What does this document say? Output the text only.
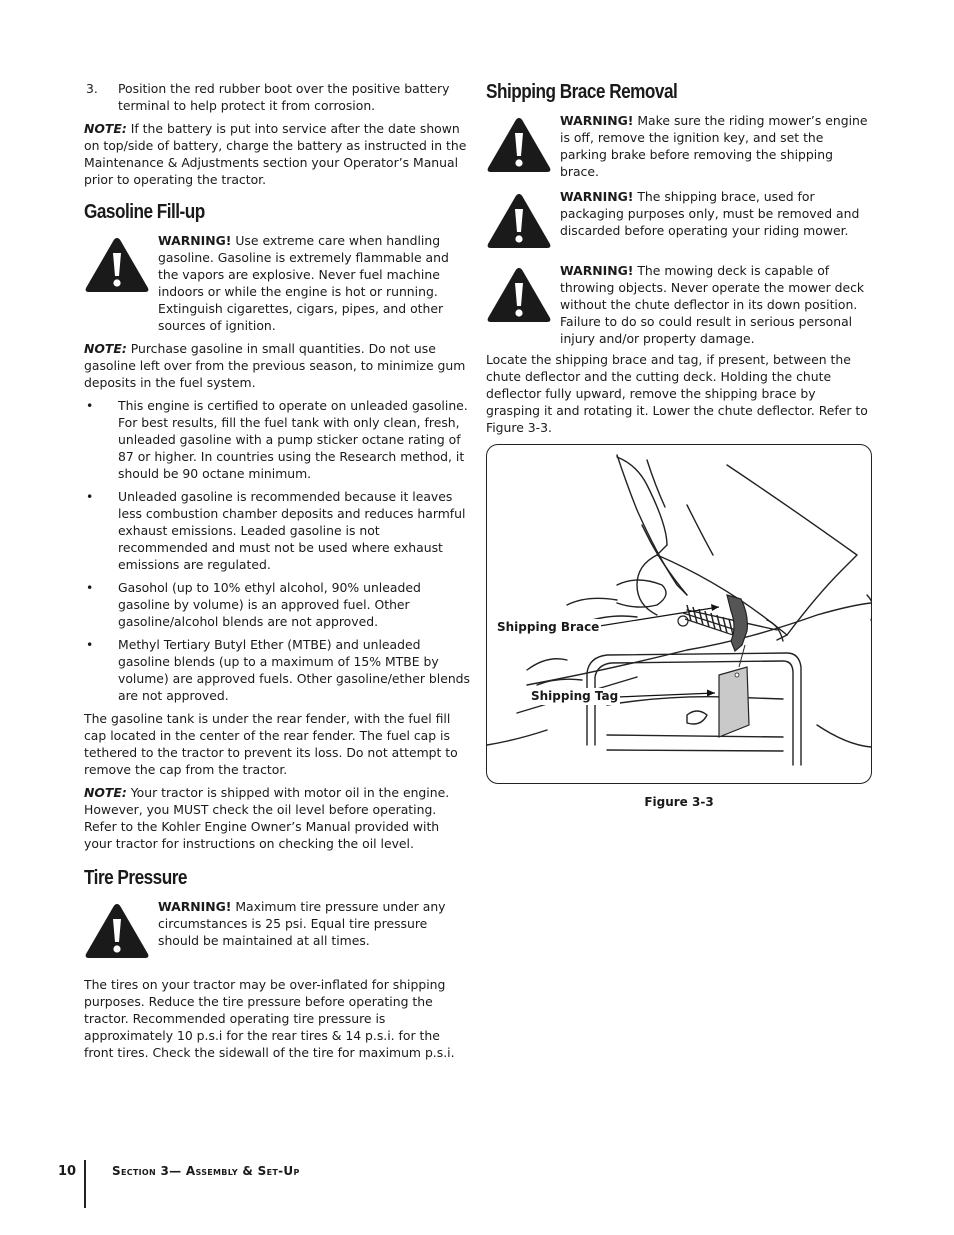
3. Position the red rubber boot over the positive battery terminal to help protect it from corrosion.

NOTE: If the battery is put into service after the date shown on top/side of battery, charge the battery as instructed in the Maintenance & Adjustments section your Operator’s Manual prior to operating the tractor.

Gasoline Fill-up
WARNING! Use extreme care when handling gasoline. Gasoline is extremely flammable and the vapors are explosive. Never fuel machine indoors or while the engine is hot or running. Extinguish cigarettes, cigars, pipes, and other sources of ignition.

NOTE: Purchase gasoline in small quantities. Do not use gasoline left over from the previous season, to minimize gum deposits in the fuel system.

• This engine is certified to operate on unleaded gasoline. For best results, fill the fuel tank with only clean, fresh, unleaded gasoline with a pump sticker octane rating of 87 or higher. In countries using the Research method, it should be 90 octane minimum.
• Unleaded gasoline is recommended because it leaves less combustion chamber deposits and reduces harmful exhaust emissions. Leaded gasoline is not recommended and must not be used where exhaust emissions are regulated.
• Gasohol (up to 10% ethyl alcohol, 90% unleaded gasoline by volume) is an approved fuel. Other gasoline/alcohol blends are not approved.
• Methyl Tertiary Butyl Ether (MTBE) and unleaded gasoline blends (up to a maximum of 15% MTBE by volume) are approved fuels. Other gasoline/ether blends are not approved.

The gasoline tank is under the rear fender, with the fuel fill cap located in the center of the rear fender. The fuel cap is tethered to the tractor to prevent its loss. Do not attempt to remove the cap from the tractor.

NOTE: Your tractor is shipped with motor oil in the engine. However, you MUST check the oil level before operating. Refer to the Kohler Engine Owner’s Manual provided with your tractor for instructions on checking the oil level.

Tire Pressure
WARNING! Maximum tire pressure under any circumstances is 25 psi. Equal tire pressure should be maintained at all times.

The tires on your tractor may be over-inflated for shipping purposes. Reduce the tire pressure before operating the tractor. Recommended operating tire pressure is approximately 10 p.s.i for the rear tires & 14 p.s.i. for the front tires. Check the sidewall of the tire for maximum p.s.i.

Shipping Brace Removal
WARNING! Make sure the riding mower’s engine is off, remove the ignition key, and set the parking brake before removing the shipping brace.
WARNING! The shipping brace, used for packaging purposes only, must be removed and discarded before operating your riding mower.
WARNING! The mowing deck is capable of throwing objects. Never operate the mower deck without the chute deflector in its down position. Failure to do so could result in serious personal injury and/or property damage.

Locate the shipping brace and tag, if present, between the chute deflector and the cutting deck. Holding the chute deflector fully upward, remove the shipping brace by grasping it and rotating it. Lower the chute deflector. Refer to Figure 3-3.

Shipping Brace
Shipping Tag
Figure 3-3
10	Section 3— Assembly & Set-Up
